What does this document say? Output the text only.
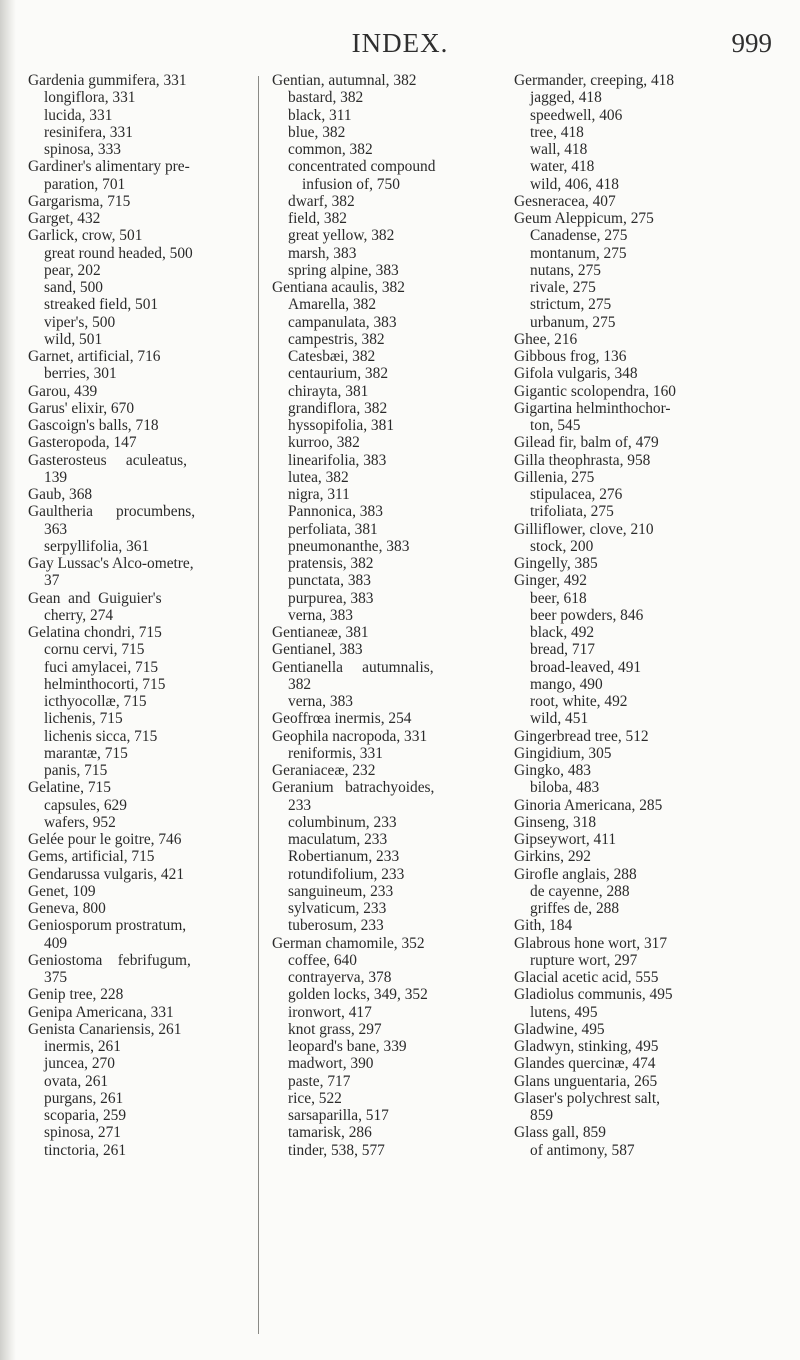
INDEX.	999
Gardenia gummifera, 331
longiflora, 331
lucida, 331
resinifera, 331
spinosa, 333
Gardiner's alimentary pre-
paration, 701
Gargarisma, 715
Garget, 432
Garlick, crow, 501
great round headed, 500
pear, 202
sand, 500
streaked field, 501
viper's, 500
wild, 501
Garnet, artificial, 716
berries, 301
Garou, 439
Garus' elixir, 670
Gascoign's balls, 718
Gasteropoda, 147
Gasterosteus     aculeatus,
139
Gaub, 368
Gaultheria      procumbens,
363
serpyllifolia, 361
Gay Lussac's Alco-ometre,
37
Gean  and  Guiguier's
cherry, 274
Gelatina chondri, 715
cornu cervi, 715
fuci amylacei, 715
helminthocorti, 715
icthyocollæ, 715
lichenis, 715
lichenis sicca, 715
marantæ, 715
panis, 715
Gelatine, 715
capsules, 629
wafers, 952
Gelée pour le goitre, 746
Gems, artificial, 715
Gendarussa vulgaris, 421
Genet, 109
Geneva, 800
Geniosporum prostratum,
409
Geniostoma    febrifugum,
375
Genip tree, 228
Genipa Americana, 331
Genista Canariensis, 261
inermis, 261
juncea, 270
ovata, 261
purgans, 261
scoparia, 259
spinosa, 271
tinctoria, 261
Gentian, autumnal, 382
bastard, 382
black, 311
blue, 382
common, 382
concentrated compound
infusion of, 750
dwarf, 382
field, 382
great yellow, 382
marsh, 383
spring alpine, 383
Gentiana acaulis, 382
Amarella, 382
campanulata, 383
campestris, 382
Catesbæi, 382
centaurium, 382
chirayta, 381
grandiflora, 382
hyssopifolia, 381
kurroo, 382
linearifolia, 383
lutea, 382
nigra, 311
Pannonica, 383
perfoliata, 381
pneumonanthe, 383
pratensis, 382
punctata, 383
purpurea, 383
verna, 383
Gentianeæ, 381
Gentianel, 383
Gentianella     autumnalis,
382
verna, 383
Geoffrœa inermis, 254
Geophila nacropoda, 331
reniformis, 331
Geraniaceæ, 232
Geranium   batrachyoides,
233
columbinum, 233
maculatum, 233
Robertianum, 233
rotundifolium, 233
sanguineum, 233
sylvaticum, 233
tuberosum, 233
German chamomile, 352
coffee, 640
contrayerva, 378
golden locks, 349, 352
ironwort, 417
knot grass, 297
leopard's bane, 339
madwort, 390
paste, 717
rice, 522
sarsaparilla, 517
tamarisk, 286
tinder, 538, 577
Germander, creeping, 418
jagged, 418
speedwell, 406
tree, 418
wall, 418
water, 418
wild, 406, 418
Gesneracea, 407
Geum Aleppicum, 275
Canadense, 275
montanum, 275
nutans, 275
rivale, 275
strictum, 275
urbanum, 275
Ghee, 216
Gibbous frog, 136
Gifola vulgaris, 348
Gigantic scolopendra, 160
Gigartina helminthochor-
ton, 545
Gilead fir, balm of, 479
Gilla theophrasta, 958
Gillenia, 275
stipulacea, 276
trifoliata, 275
Gilliflower, clove, 210
stock, 200
Gingelly, 385
Ginger, 492
beer, 618
beer powders, 846
black, 492
bread, 717
broad-leaved, 491
mango, 490
root, white, 492
wild, 451
Gingerbread tree, 512
Gingidium, 305
Gingko, 483
biloba, 483
Ginoria Americana, 285
Ginseng, 318
Gipseywort, 411
Girkins, 292
Girofle anglais, 288
de cayenne, 288
griffes de, 288
Gith, 184
Glabrous hone wort, 317
rupture wort, 297
Glacial acetic acid, 555
Gladiolus communis, 495
lutens, 495
Gladwine, 495
Gladwyn, stinking, 495
Glandes quercinæ, 474
Glans unguentaria, 265
Glaser's polychrest salt,
859
Glass gall, 859
of antimony, 587
